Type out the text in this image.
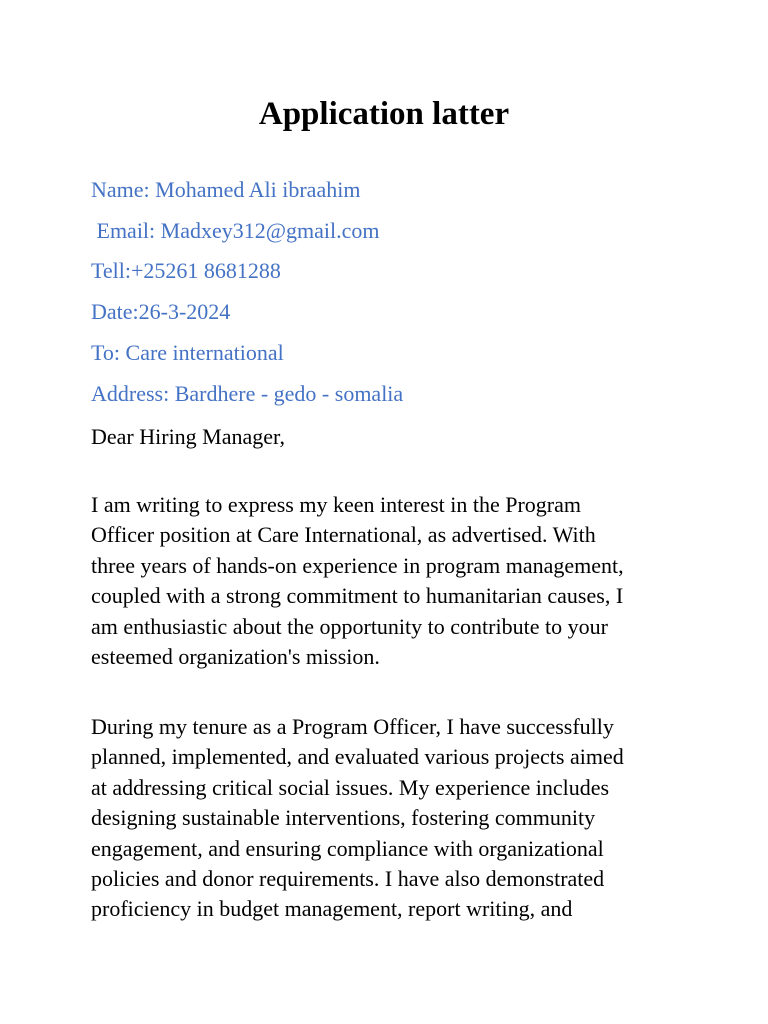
Application latter
Name: Mohamed Ali ibraahim
Email: Madxey312@gmail.com
Tell:+25261 8681288
Date:26-3-2024
To: Care international
Address: Bardhere - gedo - somalia
Dear Hiring Manager,

I am writing to express my keen interest in the Program
Officer position at Care International, as advertised. With
three years of hands-on experience in program management,
coupled with a strong commitment to humanitarian causes, I
am enthusiastic about the opportunity to contribute to your
esteemed organization's mission.

During my tenure as a Program Officer, I have successfully
planned, implemented, and evaluated various projects aimed
at addressing critical social issues. My experience includes
designing sustainable interventions, fostering community
engagement, and ensuring compliance with organizational
policies and donor requirements. I have also demonstrated
proficiency in budget management, report writing, and
